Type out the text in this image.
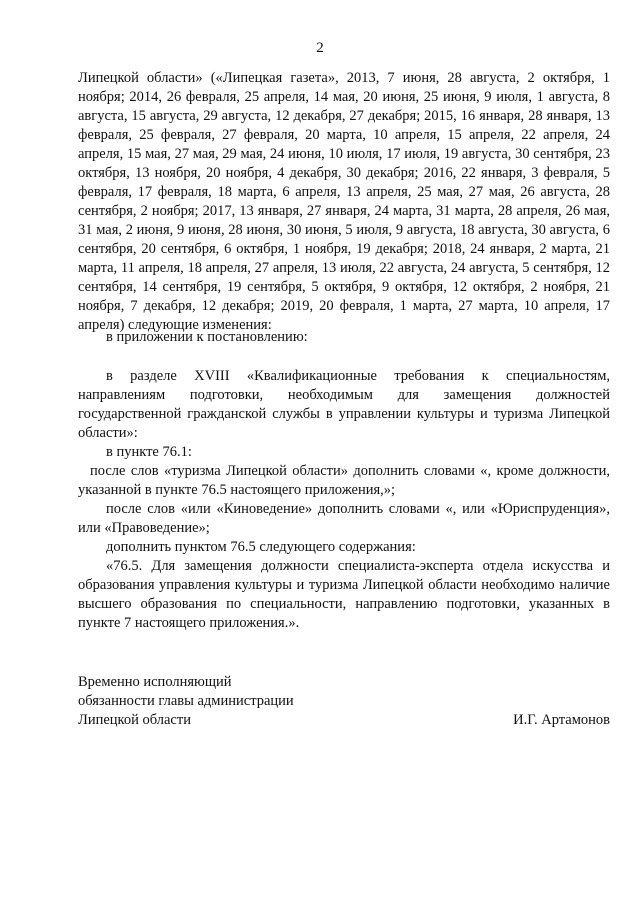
2

Липецкой области» («Липецкая газета», 2013, 7 июня, 28 августа, 2 октября, 1 ноября; 2014, 26 февраля, 25 апреля, 14 мая, 20 июня, 25 июня, 9 июля, 1 августа, 8 августа, 15 августа, 29 августа, 12 декабря, 27 декабря; 2015, 16 января, 28 января, 13 февраля, 25 февраля, 27 февраля, 20 марта, 10 апреля, 15 апреля, 22 апреля, 24 апреля, 15 мая, 27 мая, 29 мая, 24 июня, 10 июля, 17 июля, 19 августа, 30 сентября, 23 октября, 13 ноября, 20 ноября, 4 декабря, 30 декабря; 2016, 22 января, 3 февраля, 5 февраля, 17 февраля, 18 марта, 6 апреля, 13 апреля, 25 мая, 27 мая, 26 августа, 28 сентября, 2 ноября; 2017, 13 января, 27 января, 24 марта, 31 марта, 28 апреля, 26 мая, 31 мая, 2 июня, 9 июня, 28 июня, 30 июня, 5 июля, 9 августа, 18 августа, 30 августа, 6 сентября, 20 сентября, 6 октября, 1 ноября, 19 декабря; 2018, 24 января, 2 марта, 21 марта, 11 апреля, 18 апреля, 27 апреля, 13 июля, 22 августа, 24 августа, 5 сентября, 12 сентября, 14 сентября, 19 сентября, 5 октября, 9 октября, 12 октября, 2 ноября, 21 ноября, 7 декабря, 12 декабря; 2019, 20 февраля, 1 марта, 27 марта, 10 апреля, 17 апреля) следующие изменения:

в приложении к постановлению:

в разделе XVIII «Квалификационные требования к специальностям, направлениям подготовки, необходимым для замещения должностей государственной гражданской службы в управлении культуры и туризма Липецкой области»:

в пункте 76.1:

после слов «туризма Липецкой области» дополнить словами «, кроме должности, указанной в пункте 76.5 настоящего приложения,»;

после слов «или «Киноведение» дополнить словами «, или «Юриспруденция», или «Правоведение»;

дополнить пунктом 76.5 следующего содержания:

«76.5. Для замещения должности специалиста-эксперта отдела искусства и образования управления культуры и туризма Липецкой области необходимо наличие высшего образования по специальности, направлению подготовки, указанных в пункте 7 настоящего приложения.».

Временно исполняющий
обязанности главы администрации
Липецкой области	И.Г. Артамонов
